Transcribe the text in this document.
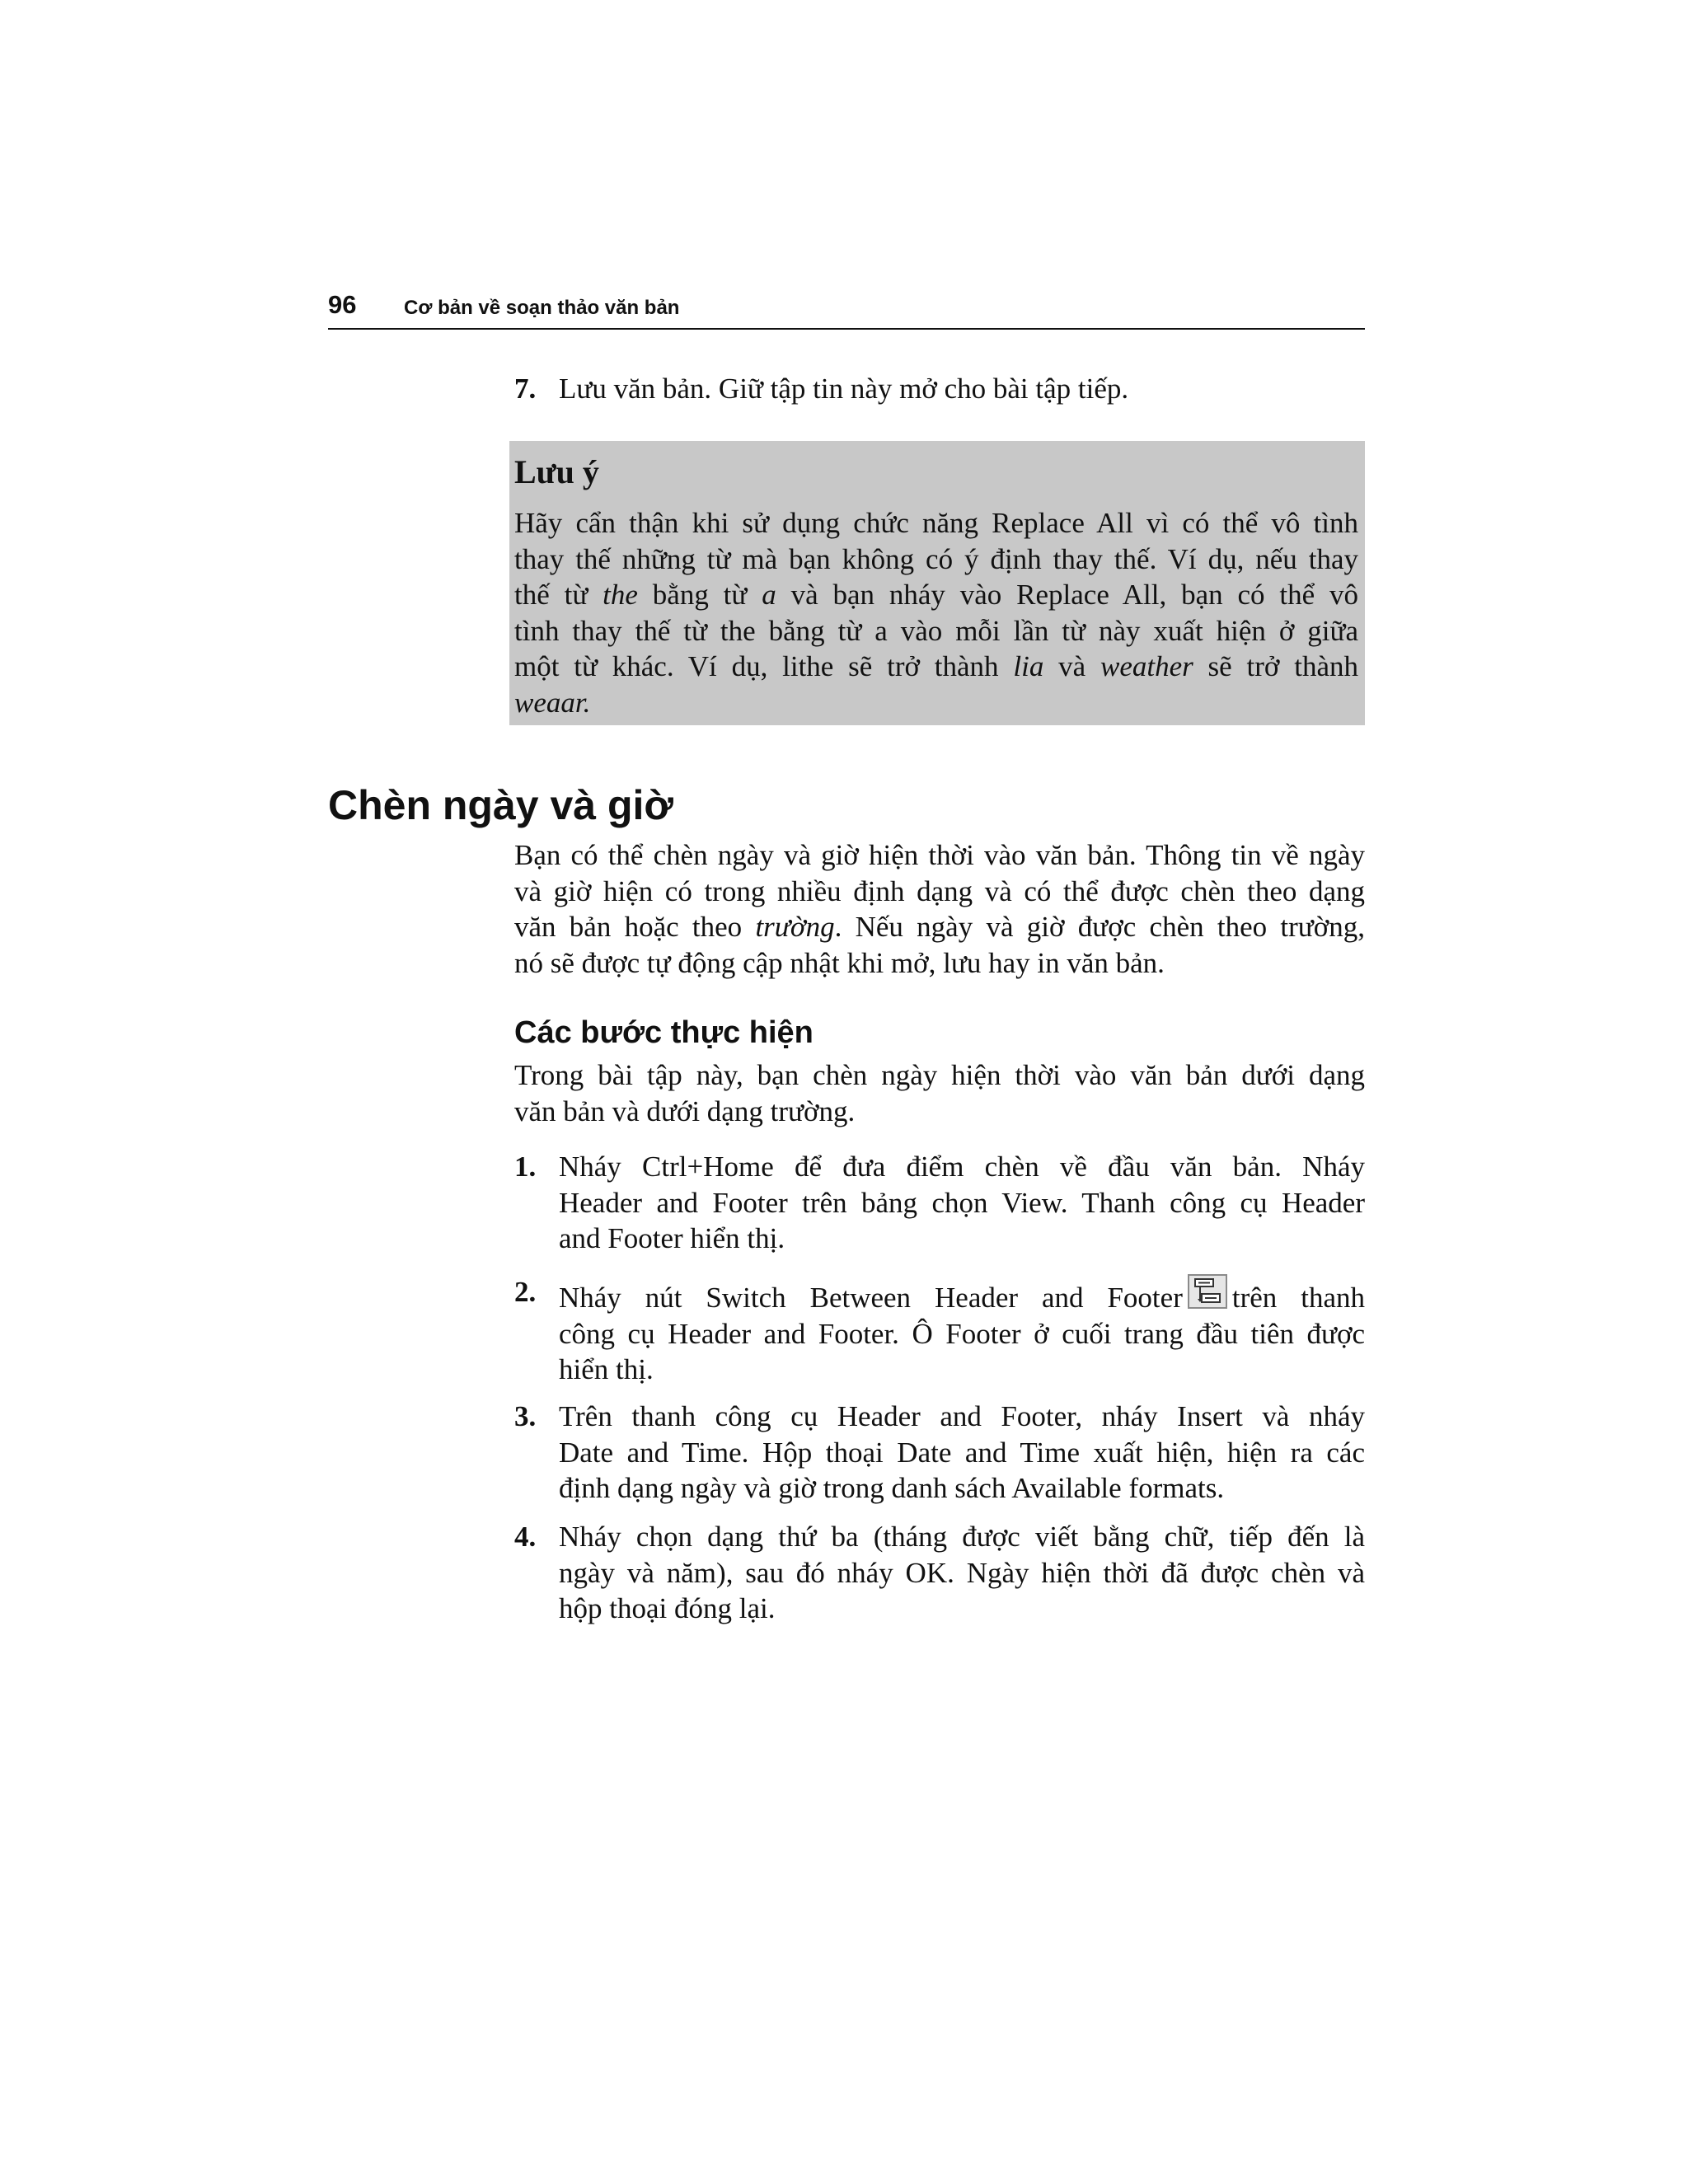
96 Cơ bản về soạn thảo văn bản
7. Lưu văn bản. Giữ tập tin này mở cho bài tập tiếp.
Lưu ý
Hãy cẩn thận khi sử dụng chức năng Replace All vì có thể vô tình
thay thế những từ mà bạn không có ý định thay thế. Ví dụ, nếu thay
thế từ the bằng từ a và bạn nháy vào Replace All, bạn có thể vô
tình thay thế từ the bằng từ a vào mỗi lần từ này xuất hiện ở giữa
một từ khác. Ví dụ, lithe sẽ trở thành lia và weather sẽ trở thành
weaar.
Chèn ngày và giờ
Bạn có thể chèn ngày và giờ hiện thời vào văn bản. Thông tin về ngày
và giờ hiện có trong nhiều định dạng và có thể được chèn theo dạng
văn bản hoặc theo trường. Nếu ngày và giờ được chèn theo trường,
nó sẽ được tự động cập nhật khi mở, lưu hay in văn bản.
Các bước thực hiện
Trong bài tập này, bạn chèn ngày hiện thời vào văn bản dưới dạng
văn bản và dưới dạng trường.
1. Nháy Ctrl+Home để đưa điểm chèn về đầu văn bản. Nháy
Header and Footer trên bảng chọn View. Thanh công cụ Header
and Footer hiển thị.
2. Nháy nút Switch Between Header and Footer trên thanh
công cụ Header and Footer. Ô Footer ở cuối trang đầu tiên được
hiển thị.
3. Trên thanh công cụ Header and Footer, nháy Insert và nháy
Date and Time. Hộp thoại Date and Time xuất hiện, hiện ra các
định dạng ngày và giờ trong danh sách Available formats.
4. Nháy chọn dạng thứ ba (tháng được viết bằng chữ, tiếp đến là
ngày và năm), sau đó nháy OK. Ngày hiện thời đã được chèn và
hộp thoại đóng lại.
